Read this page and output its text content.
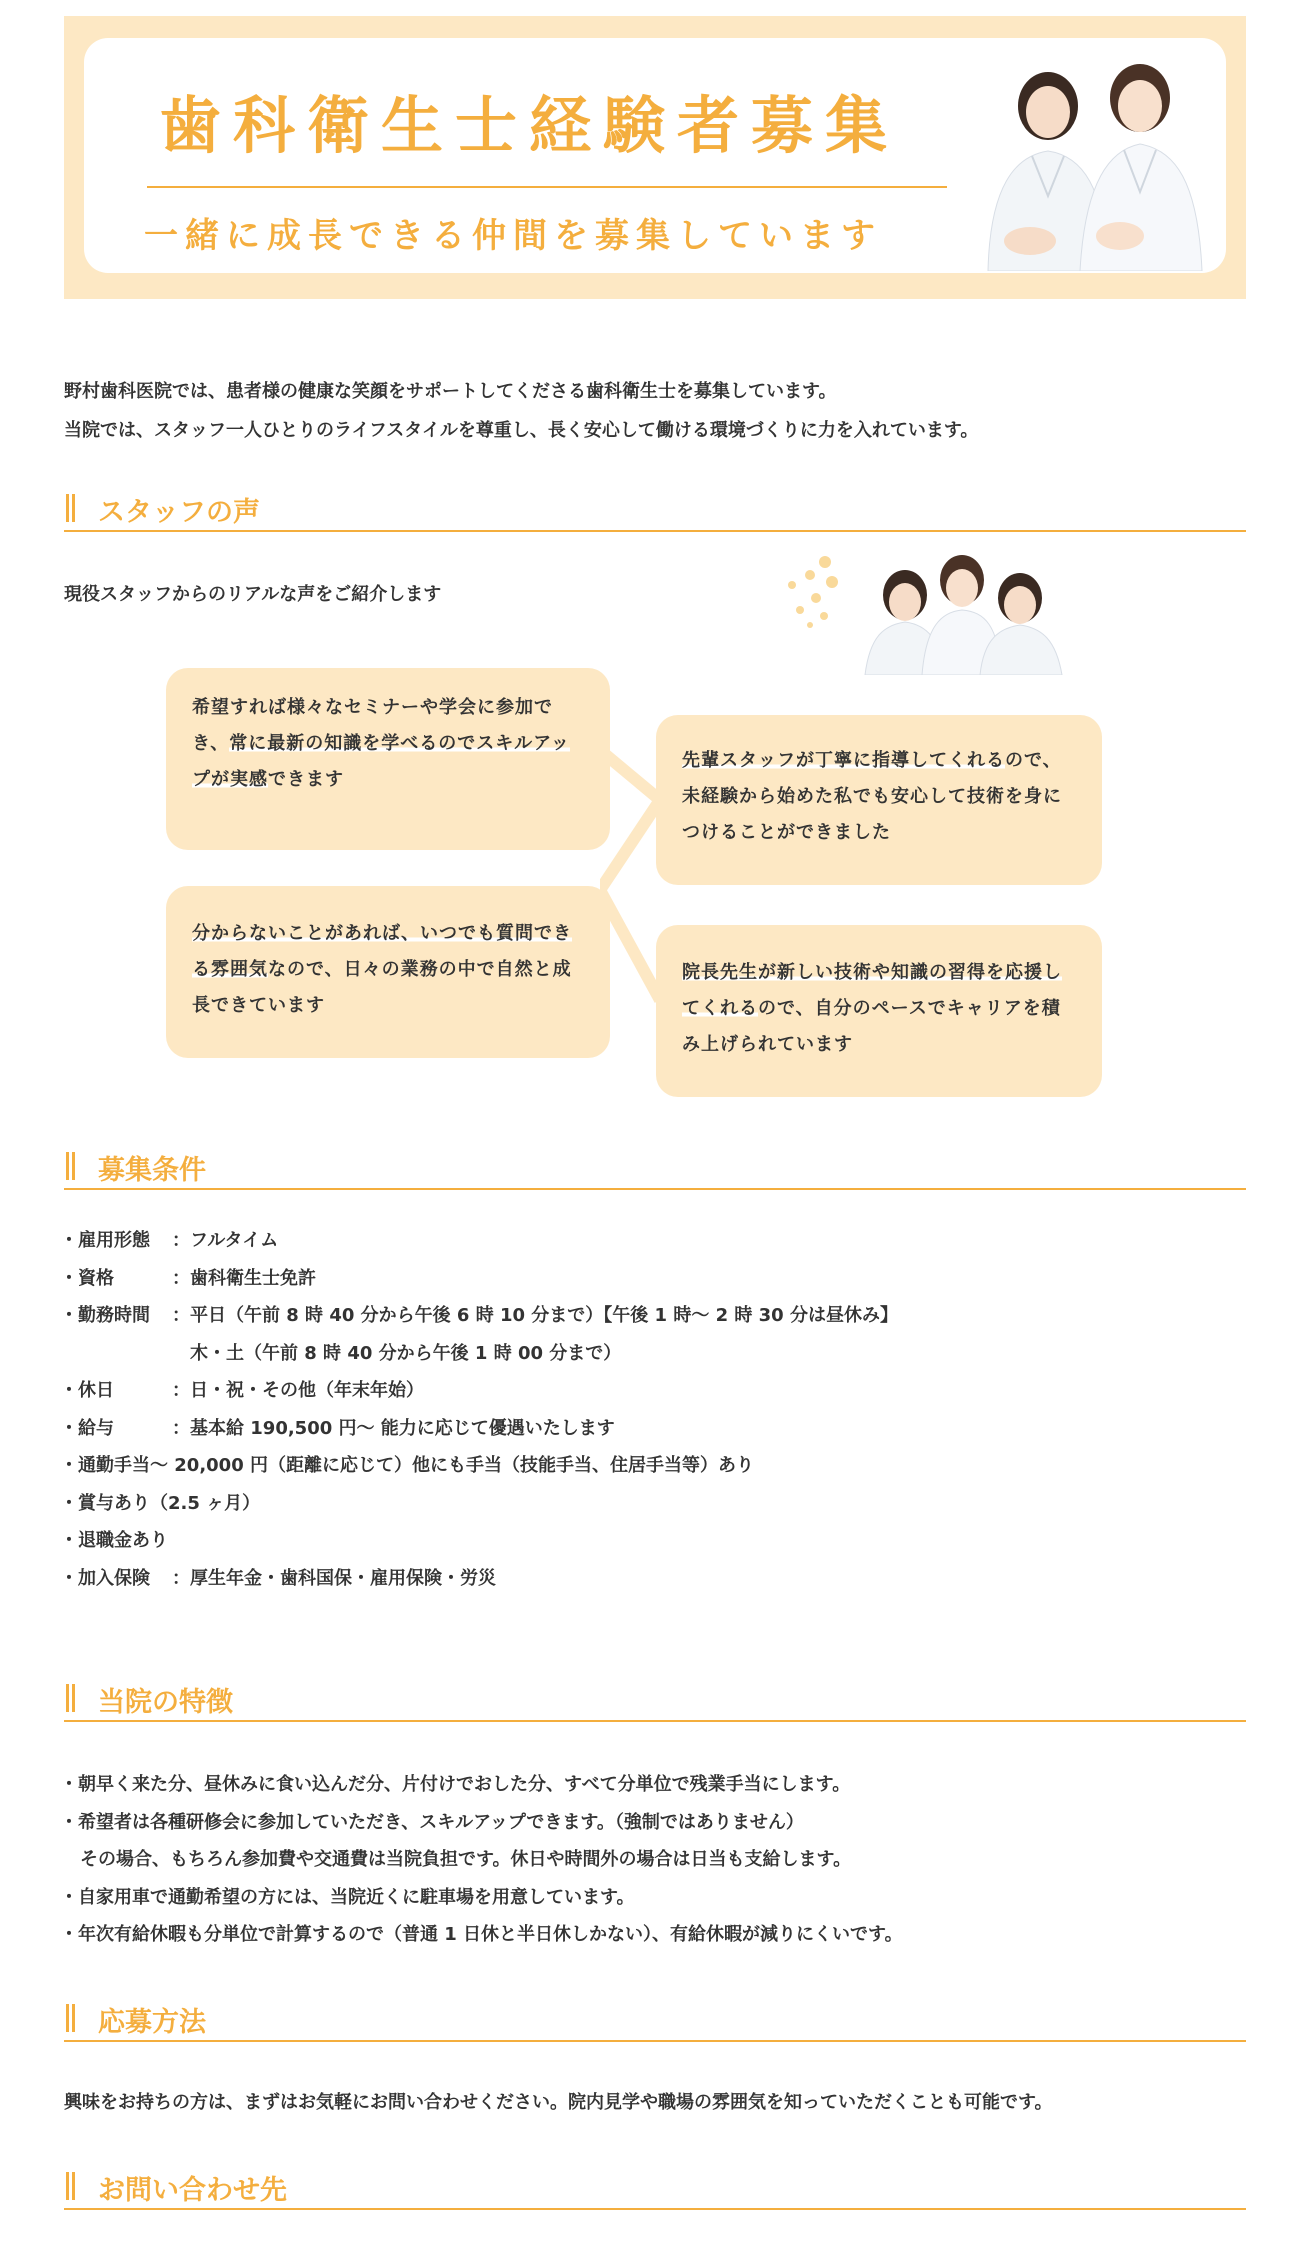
歯科衛生士経験者募集
一緒に成長できる仲間を募集しています

野村歯科医院では、患者様の健康な笑顔をサポートしてくださる歯科衛生士を募集しています。

当院では、スタッフ一人ひとりのライフスタイルを尊重し、長く安心して働ける環境づくりに力を入れています。

スタッフの声
現役スタッフからのリアルな声をご紹介します

希望すれば様々なセミナーや学会に参加でき、常に最新の知識を学べるのでスキルアップが実感できます

先輩スタッフが丁寧に指導してくれるので、未経験から始めた私でも安心して技術を身につけることができました

分からないことがあれば、いつでも質問できる雰囲気なので、日々の業務の中で自然と成長できています

院長先生が新しい技術や知識の習得を応援してくれるので、自分のペースでキャリアを積み上げられています

募集条件
・雇用形態	：フルタイム
・資格	：歯科衛生士免許
・勤務時間	：平日（午前 8 時 40 分から午後 6 時 10 分まで）【午後 1 時〜 2 時 30 分は昼休み】
　木・土（午前 8 時 40 分から午後 1 時 00 分まで）
・休日	：日・祝・その他（年末年始）
・給与	：基本給 190,500 円〜 能力に応じて優遇いたします
・通勤手当〜 20,000 円（距離に応じて）他にも手当（技能手当、住居手当等）あり
・賞与あり（2.5 ヶ月）
・退職金あり
・加入保険	：厚生年金・歯科国保・雇用保険・労災
当院の特徴

・朝早く来た分、昼休みに食い込んだ分、片付けでおした分、すべて分単位で残業手当にします。

・希望者は各種研修会に参加していただき、スキルアップできます。（強制ではありません）

その場合、もちろん参加費や交通費は当院負担です。休日や時間外の場合は日当も支給します。

・自家用車で通勤希望の方には、当院近くに駐車場を用意しています。

・年次有給休暇も分単位で計算するので（普通 1 日休と半日休しかない）、有給休暇が減りにくいです。

応募方法
興味をお持ちの方は、まずはお気軽にお問い合わせください。院内見学や職場の雰囲気を知っていただくことも可能です。
お問い合わせ先
